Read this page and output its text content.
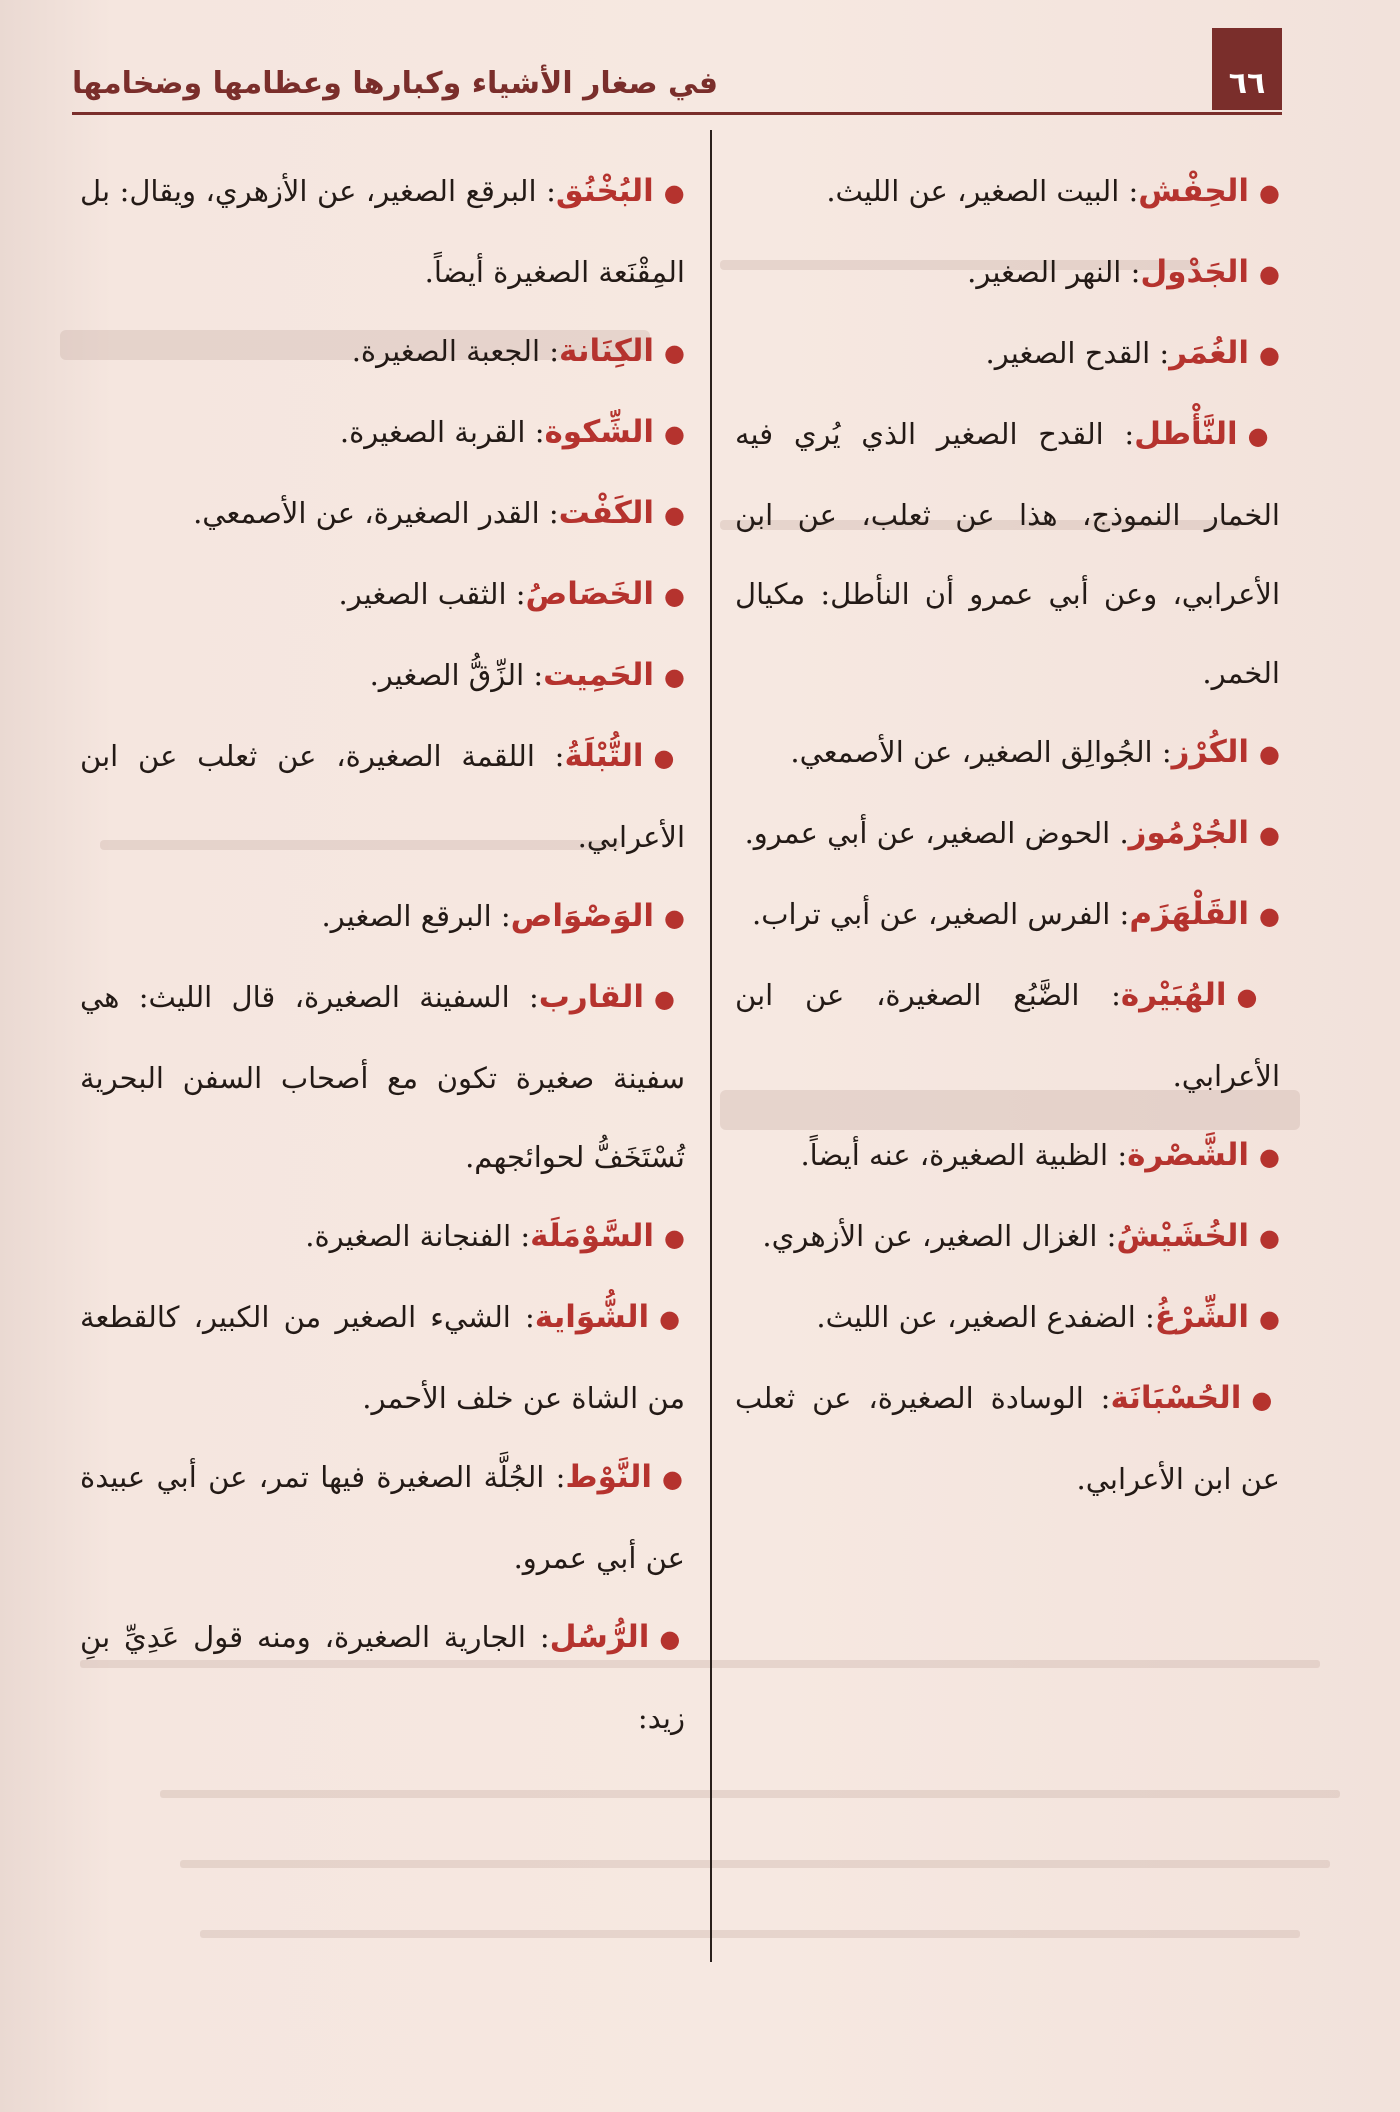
في صغار الأشياء وكبارها وعظامها وضخامها	٦٦
●الحِفْش: البيت الصغير، عن الليث.
●الجَدْول: النهر الصغير.
●الغُمَر: القدح الصغير.
●النَّأْطل: القدح الصغير الذي يُري فيه الخمار النموذج، هذا عن ثعلب، عن ابن الأعرابي، وعن أبي عمرو أن النأطل: مكيال الخمر.
●الكُرْز: الجُوالِق الصغير، عن الأصمعي.
●الجُرْمُوز. الحوض الصغير، عن أبي عمرو.
●القَلْهَزَم: الفرس الصغير، عن أبي تراب.
●الهُبَيْرة: الضَّبُع الصغيرة، عن ابن الأعرابي.
●الشَّصْرة: الظبية الصغيرة، عنه أيضاً.
●الخُشَيْشُ: الغزال الصغير، عن الأزهري.
●الشِّرْغُ: الضفدع الصغير، عن الليث.
●الحُسْبَانَة: الوسادة الصغيرة، عن ثعلب عن ابن الأعرابي.
●البُخْنُق: البرقع الصغير، عن الأزهري، ويقال: بل المِقْنَعة الصغيرة أيضاً.
●الكِنَانة: الجعبة الصغيرة.
●الشِّكوة: القربة الصغيرة.
●الكَفْت: القدر الصغيرة، عن الأصمعي.
●الخَصَاصُ: الثقب الصغير.
●الحَمِيت: الزِّقُّ الصغير.
●التُّبْلَةُ: اللقمة الصغيرة، عن ثعلب عن ابن الأعرابي.
●الوَصْوَاص: البرقع الصغير.
●القارب: السفينة الصغيرة، قال الليث: هي سفينة صغيرة تكون مع أصحاب السفن البحرية تُسْتَخَفُّ لحوائجهم.
●السَّوْمَلَة: الفنجانة الصغيرة.
●الشُّوَاية: الشيء الصغير من الكبير، كالقطعة من الشاة عن خلف الأحمر.
●النَّوْط: الجُلَّة الصغيرة فيها تمر، عن أبي عبيدة عن أبي عمرو.
●الرُّسُل: الجارية الصغيرة، ومنه قول عَدِيِّ بنِ زيد:
